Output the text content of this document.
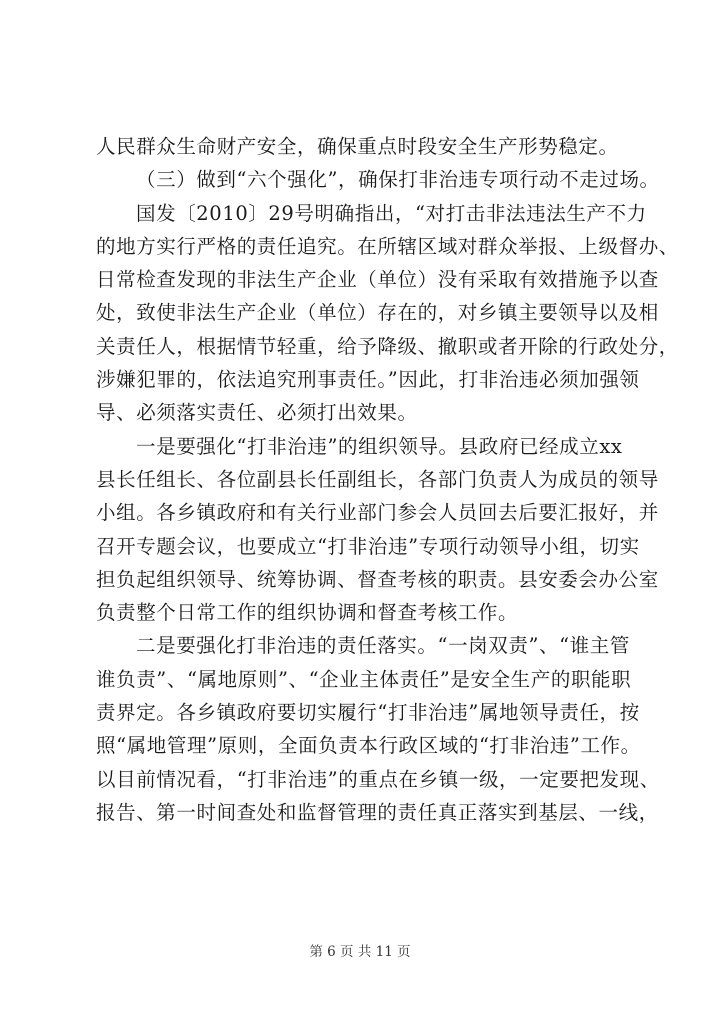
人民群众生命财产安全，确保重点时段安全生产形势稳定。
（三）做到“六个强化”，确保打非治违专项行动不走过场。
国发〔2010〕29号明确指出，“对打击非法违法生产不力
的地方实行严格的责任追究。在所辖区域对群众举报、上级督办、
日常检查发现的非法生产企业（单位）没有采取有效措施予以查
处，致使非法生产企业（单位）存在的，对乡镇主要领导以及相
关责任人，根据情节轻重，给予降级、撤职或者开除的行政处分，
涉嫌犯罪的，依法追究刑事责任。”因此，打非治违必须加强领
导、必须落实责任、必须打出效果。
一是要强化“打非治违”的组织领导。县政府已经成立xx
县长任组长、各位副县长任副组长，各部门负责人为成员的领导
小组。各乡镇政府和有关行业部门参会人员回去后要汇报好，并
召开专题会议，也要成立“打非治违”专项行动领导小组，切实
担负起组织领导、统筹协调、督查考核的职责。县安委会办公室
负责整个日常工作的组织协调和督查考核工作。
二是要强化打非治违的责任落实。“一岗双责”、“谁主管
谁负责”、“属地原则”、“企业主体责任”是安全生产的职能职
责界定。各乡镇政府要切实履行“打非治违”属地领导责任，按
照“属地管理”原则，全面负责本行政区域的“打非治违”工作。
以目前情况看，“打非治违”的重点在乡镇一级，一定要把发现、
报告、第一时间查处和监督管理的责任真正落实到基层、一线，
第 6 页 共 11 页
